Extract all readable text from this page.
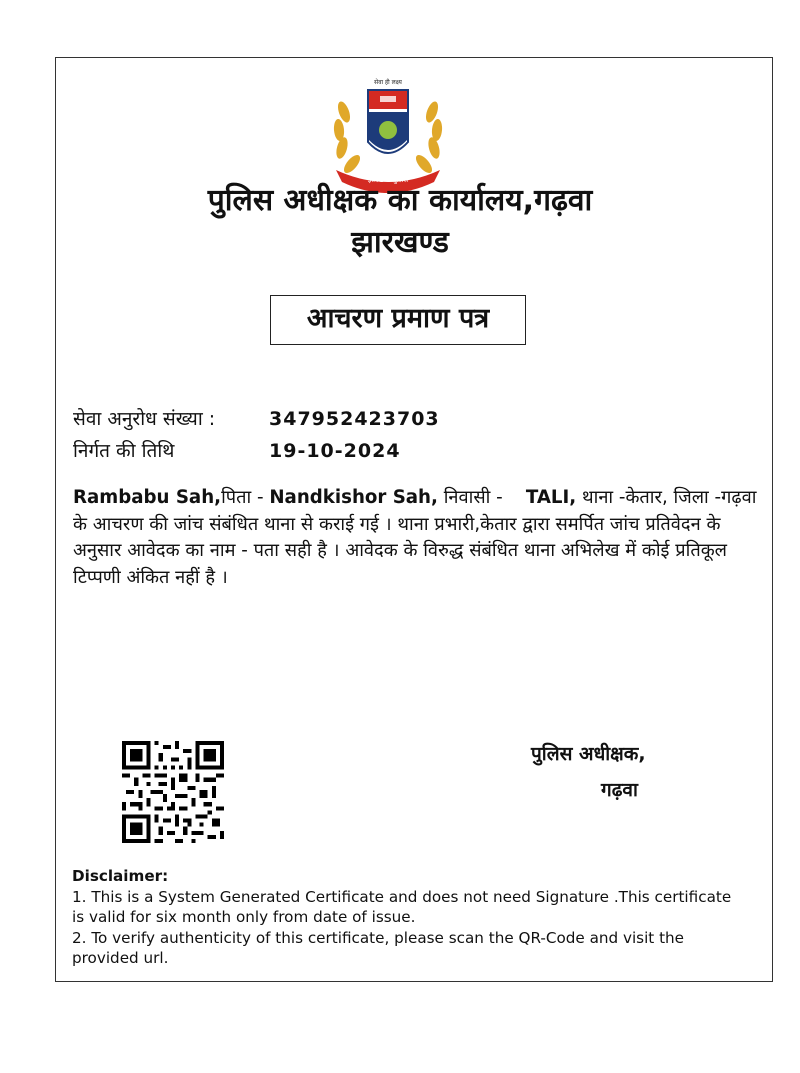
झारखण्ड पुलिस
सेवा ही लक्ष्य
पुलिस अधीक्षक का कार्यालय,गढ़वा
झारखण्ड
आचरण प्रमाण पत्र
सेवा अनुरोध संख्या :	347952423703
निर्गत की तिथि	19-10-2024
Rambabu Sah,पिता - Nandkishor Sah, निवासी - TALI, थाना -केतार, जिला -गढ़वा के आचरण की जांच संबंधित थाना से कराई गई । थाना प्रभारी,केतार द्वारा समर्पित जांच प्रतिवेदन के अनुसार आवेदक का नाम - पता सही है । आवेदक के विरुद्ध संबंधित थाना अभिलेख में कोई प्रतिकूल टिप्पणी अंकित नहीं है ।
पुलिस अधीक्षक,
गढ़वा
Disclaimer:
1. This is a System Generated Certificate and does not need Signature .This certificate is valid for six month only from date of issue.
2. To verify authenticity of this certificate, please scan the QR-Code and visit the provided url.
